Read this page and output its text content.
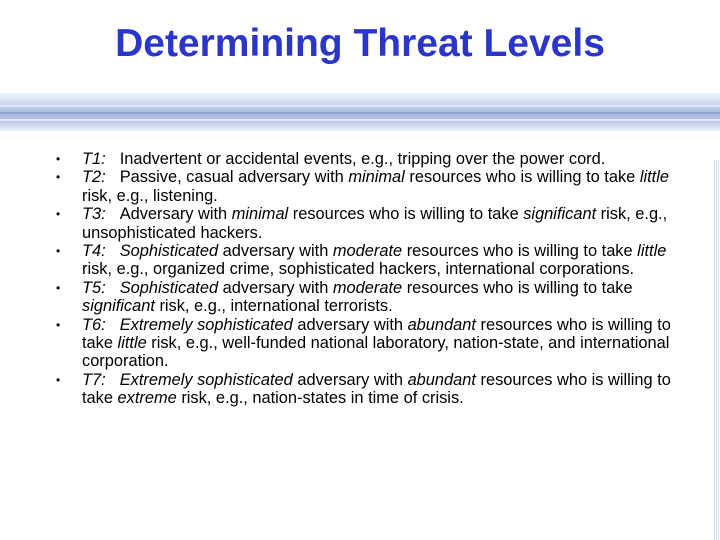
Determining Threat Levels
• T1: Inadvertent or accidental events, e.g., tripping over the power cord.
• T2: Passive, casual adversary with minimal resources who is willing to take little risk, e.g., listening.
• T3: Adversary with minimal resources who is willing to take significant risk, e.g., unsophisticated hackers.
• T4: Sophisticated adversary with moderate resources who is willing to take little risk, e.g., organized crime, sophisticated hackers, international corporations.
• T5: Sophisticated adversary with moderate resources who is willing to take significant risk, e.g., international terrorists.
• T6: Extremely sophisticated adversary with abundant resources who is willing to take little risk, e.g., well-funded national laboratory, nation-state, and international corporation.
• T7: Extremely sophisticated adversary with abundant resources who is willing to take extreme risk, e.g., nation-states in time of crisis.
